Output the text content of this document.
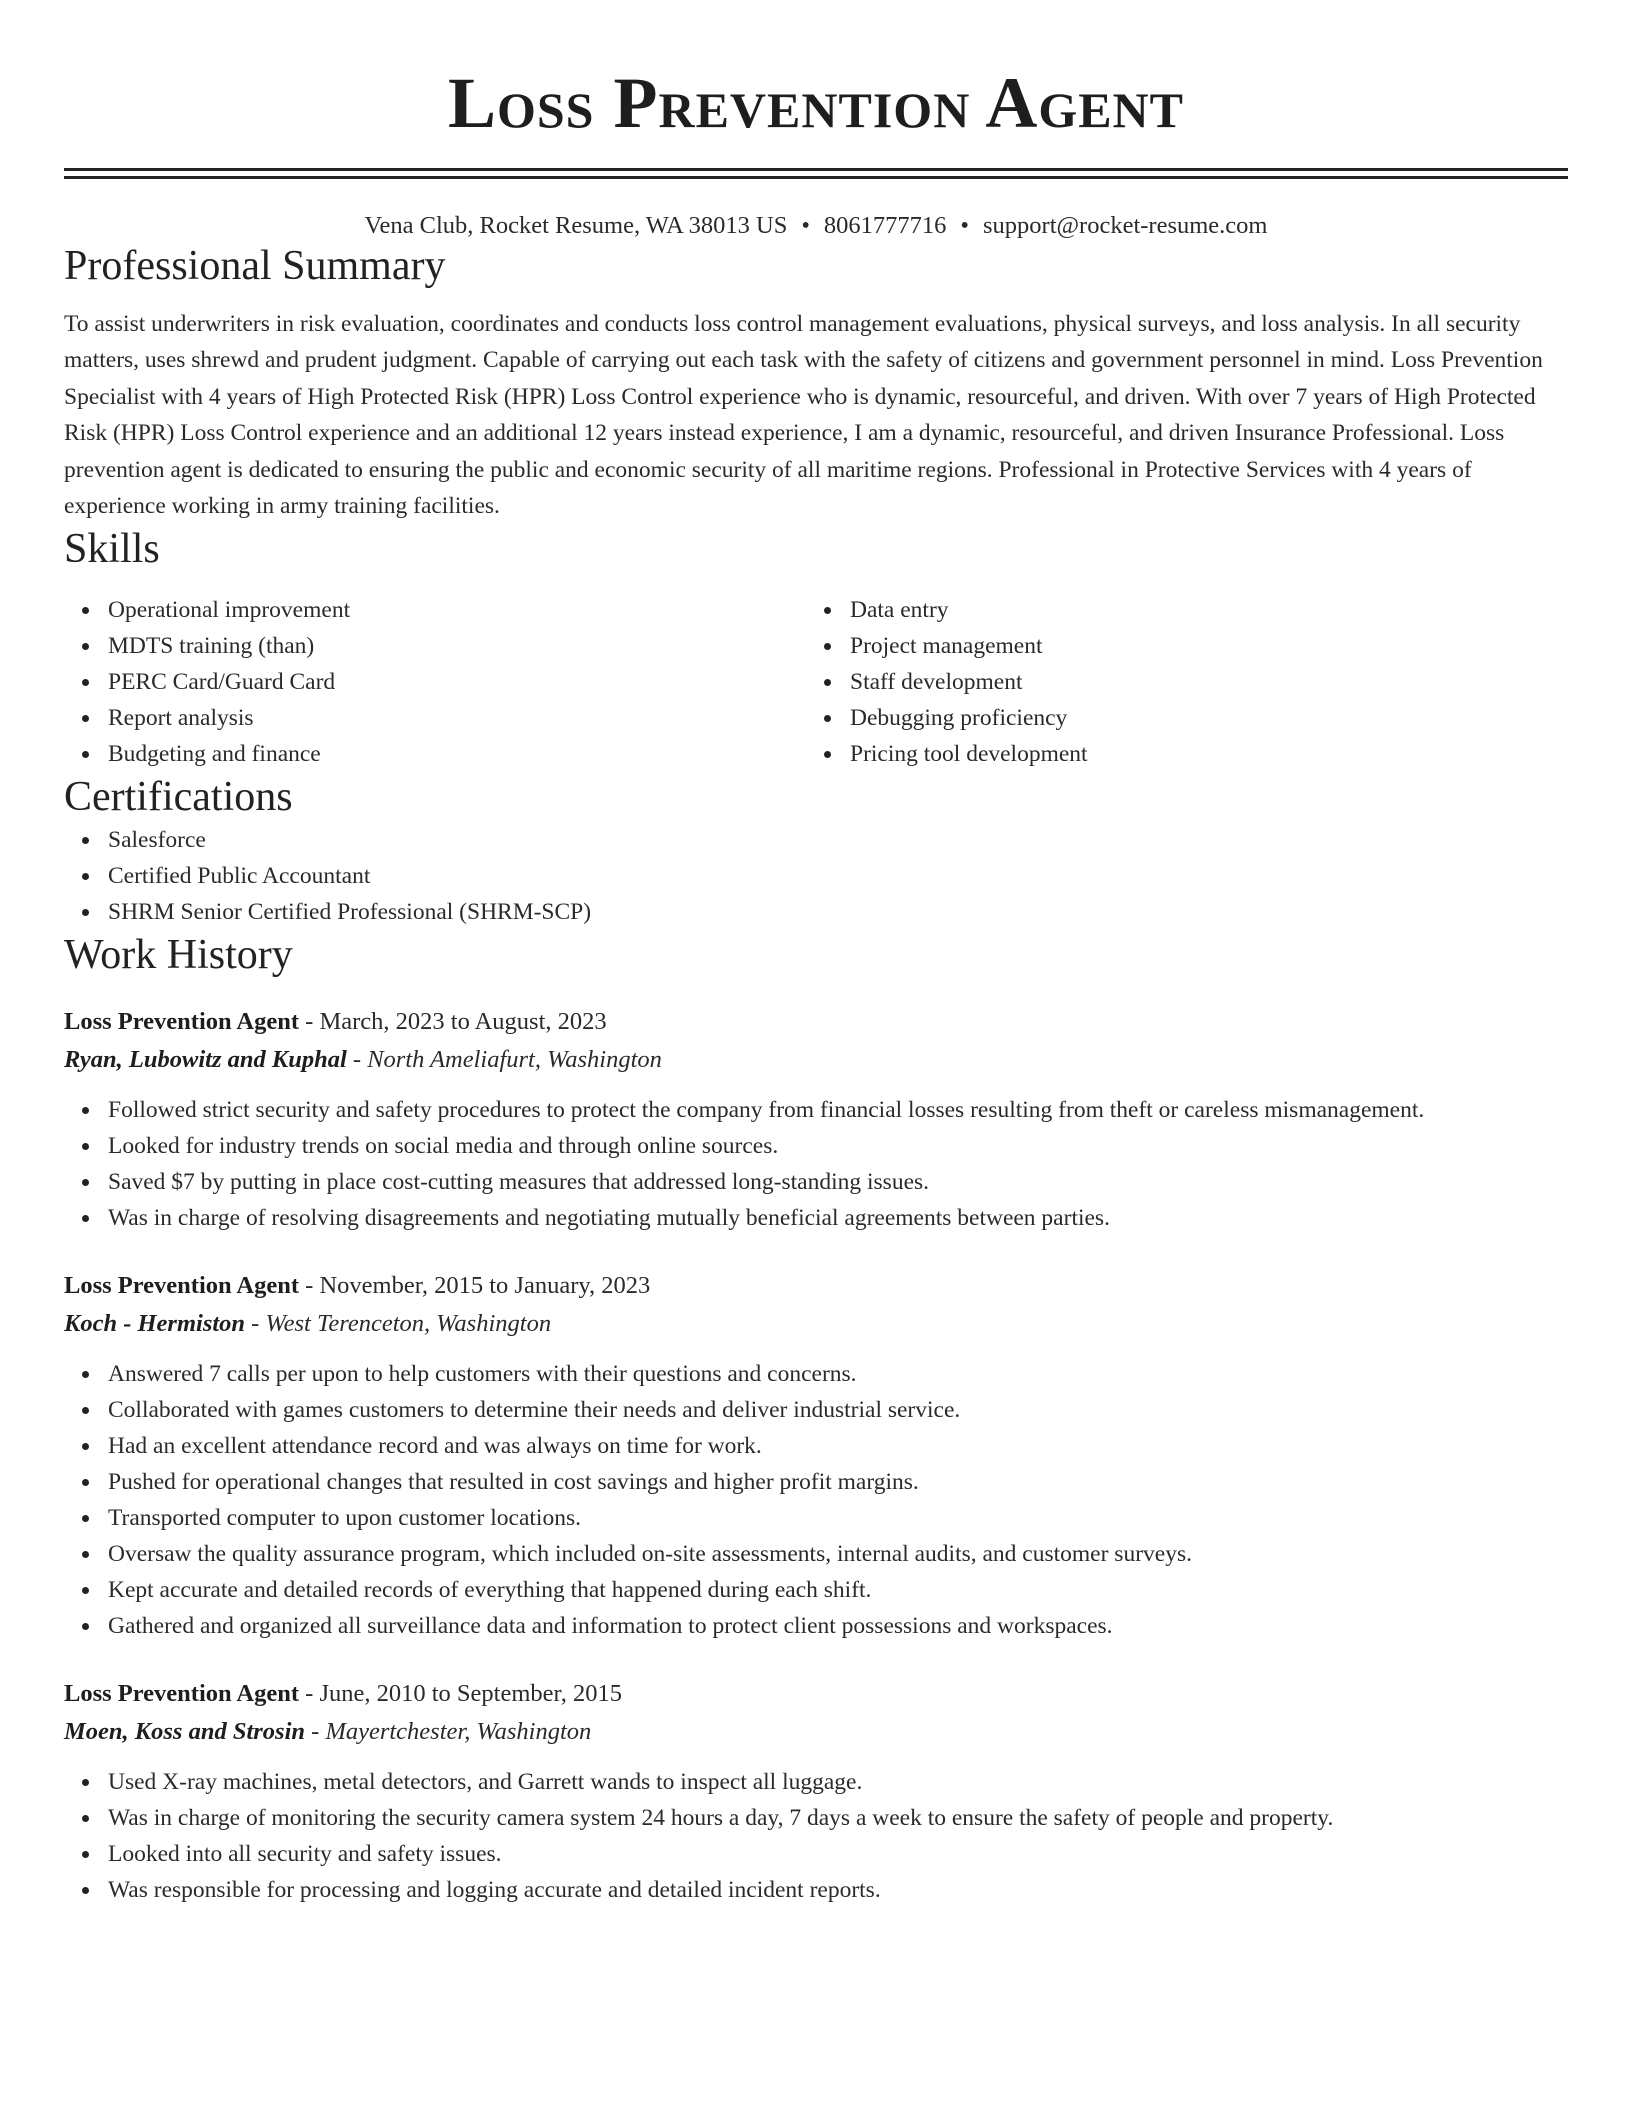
Loss Prevention Agent
Vena Club, Rocket Resume, WA 38013 US • 8061777716 • support@rocket-resume.com
Professional Summary

To assist underwriters in risk evaluation, coordinates and conducts loss control management evaluations, physical surveys, and loss analysis. In all security matters, uses shrewd and prudent judgment. Capable of carrying out each task with the safety of citizens and government personnel in mind. Loss Prevention Specialist with 4 years of High Protected Risk (HPR) Loss Control experience who is dynamic, resourceful, and driven. With over 7 years of High Protected Risk (HPR) Loss Control experience and an additional 12 years instead experience, I am a dynamic, resourceful, and driven Insurance Professional. Loss prevention agent is dedicated to ensuring the public and economic security of all maritime regions. Professional in Protective Services with 4 years of experience working in army training facilities.

Skills
Operational improvement
MDTS training (than)
PERC Card/Guard Card
Report analysis
Budgeting and finance
Data entry
Project management
Staff development
Debugging proficiency
Pricing tool development
Certifications
Salesforce
Certified Public Accountant
SHRM Senior Certified Professional (SHRM-SCP)
Work History
Loss Prevention Agent - March, 2023 to August, 2023
Ryan, Lubowitz and Kuphal - North Ameliafurt, Washington
Followed strict security and safety procedures to protect the company from financial losses resulting from theft or careless mismanagement.
Looked for industry trends on social media and through online sources.
Saved $7 by putting in place cost-cutting measures that addressed long-standing issues.
Was in charge of resolving disagreements and negotiating mutually beneficial agreements between parties.
Loss Prevention Agent - November, 2015 to January, 2023
Koch - Hermiston - West Terenceton, Washington
Answered 7 calls per upon to help customers with their questions and concerns.
Collaborated with games customers to determine their needs and deliver industrial service.
Had an excellent attendance record and was always on time for work.
Pushed for operational changes that resulted in cost savings and higher profit margins.
Transported computer to upon customer locations.
Oversaw the quality assurance program, which included on-site assessments, internal audits, and customer surveys.
Kept accurate and detailed records of everything that happened during each shift.
Gathered and organized all surveillance data and information to protect client possessions and workspaces.
Loss Prevention Agent - June, 2010 to September, 2015
Moen, Koss and Strosin - Mayertchester, Washington
Used X-ray machines, metal detectors, and Garrett wands to inspect all luggage.
Was in charge of monitoring the security camera system 24 hours a day, 7 days a week to ensure the safety of people and property.
Looked into all security and safety issues.
Was responsible for processing and logging accurate and detailed incident reports.
